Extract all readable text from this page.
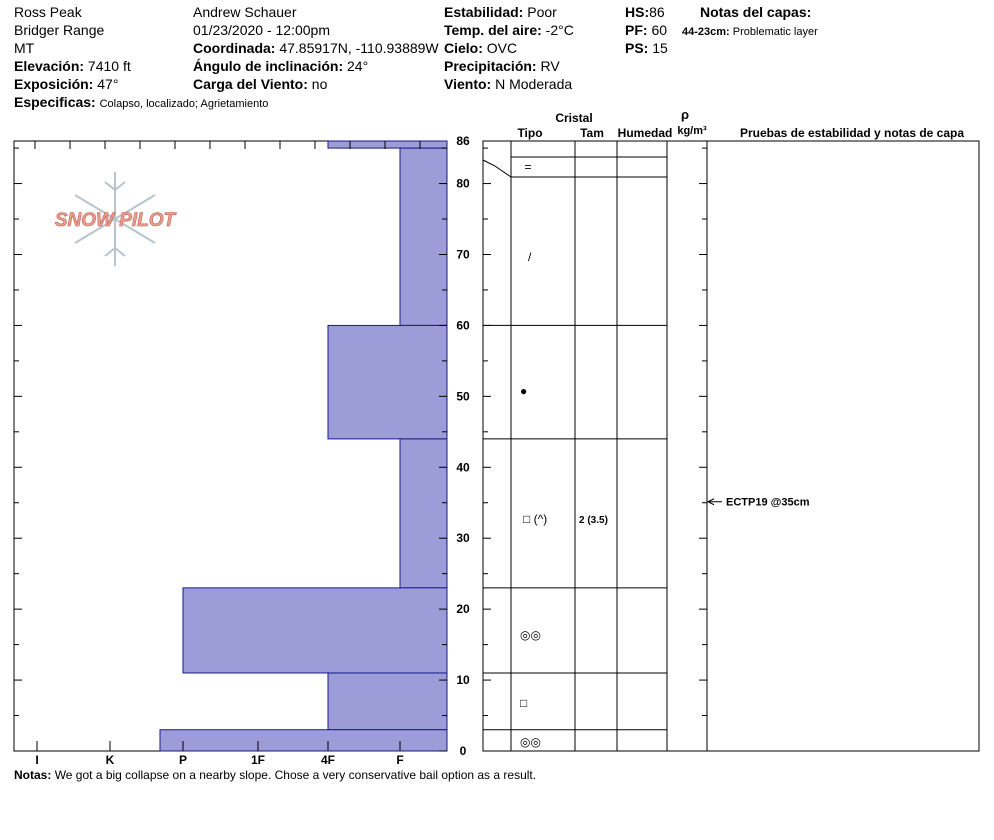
Ross Peak
Bridger Range
MT
Elevación: 7410 ft
Exposición: 47°
Especificas: Colapso, localizado; Agrietamiento
Andrew Schauer
01/23/2020 - 12:00pm
Coordinada: 47.85917N, -110.93889W
Ángulo de inclinación: 24°
Carga del Viento: no
Estabilidad: Poor
Temp. del aire: -2°C
Cielo: OVC
Precipitación: RV
Viento: N Moderada
HS:86
PF: 60
PS: 15
Notas del capas:
44-23cm: Problematic layer
SNOW PILOT
I	K	P	1F	4F	F
0
10
20
30
40
50
60
70
80
86
Cristal
Tipo	Tam Humedad
ρ
kg/m³	Pruebas de estabilidad y notas de capa
=
/
●
□ (^)	2 (3.5)
◎◎
□
◎◎
ECTP19 @35cm
Notas: We got a big collapse on a nearby slope. Chose a very conservative bail option as a result.
